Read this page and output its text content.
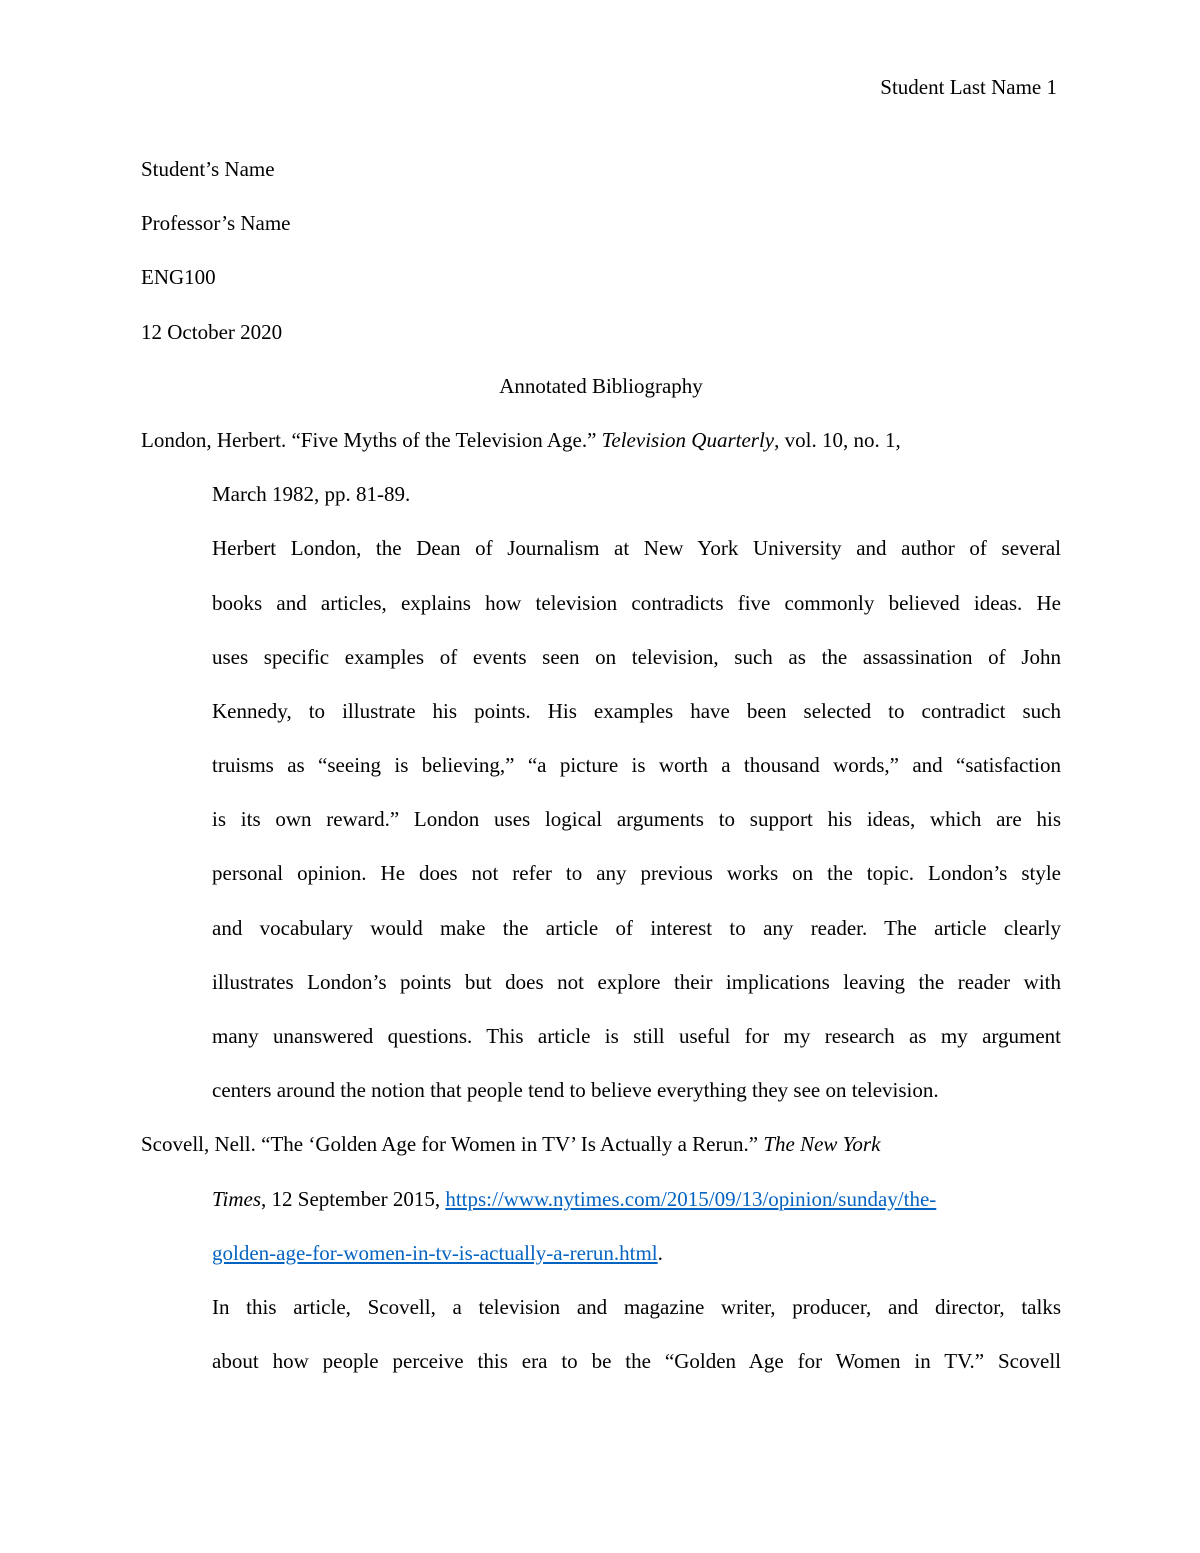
Student Last Name 1
Student’s Name
Professor’s Name
ENG100
12 October 2020
Annotated Bibliography
London, Herbert. “Five Myths of the Television Age.” Television Quarterly, vol. 10, no. 1,
March 1982, pp. 81-89.
Herbert London, the Dean of Journalism at New York University and author of several
books and articles, explains how television contradicts five commonly believed ideas. He
uses specific examples of events seen on television, such as the assassination of John
Kennedy, to illustrate his points. His examples have been selected to contradict such
truisms as “seeing is believing,” “a picture is worth a thousand words,” and “satisfaction
is its own reward.” London uses logical arguments to support his ideas, which are his
personal opinion. He does not refer to any previous works on the topic. London’s style
and vocabulary would make the article of interest to any reader. The article clearly
illustrates London’s points but does not explore their implications leaving the reader with
many unanswered questions. This article is still useful for my research as my argument
centers around the notion that people tend to believe everything they see on television.
Scovell, Nell. “The ‘Golden Age for Women in TV’ Is Actually a Rerun.” The New York
Times, 12 September 2015, https://www.nytimes.com/2015/09/13/opinion/sunday/the-
golden-age-for-women-in-tv-is-actually-a-rerun.html.
In this article, Scovell, a television and magazine writer, producer, and director, talks
about how people perceive this era to be the “Golden Age for Women in TV.” Scovell
